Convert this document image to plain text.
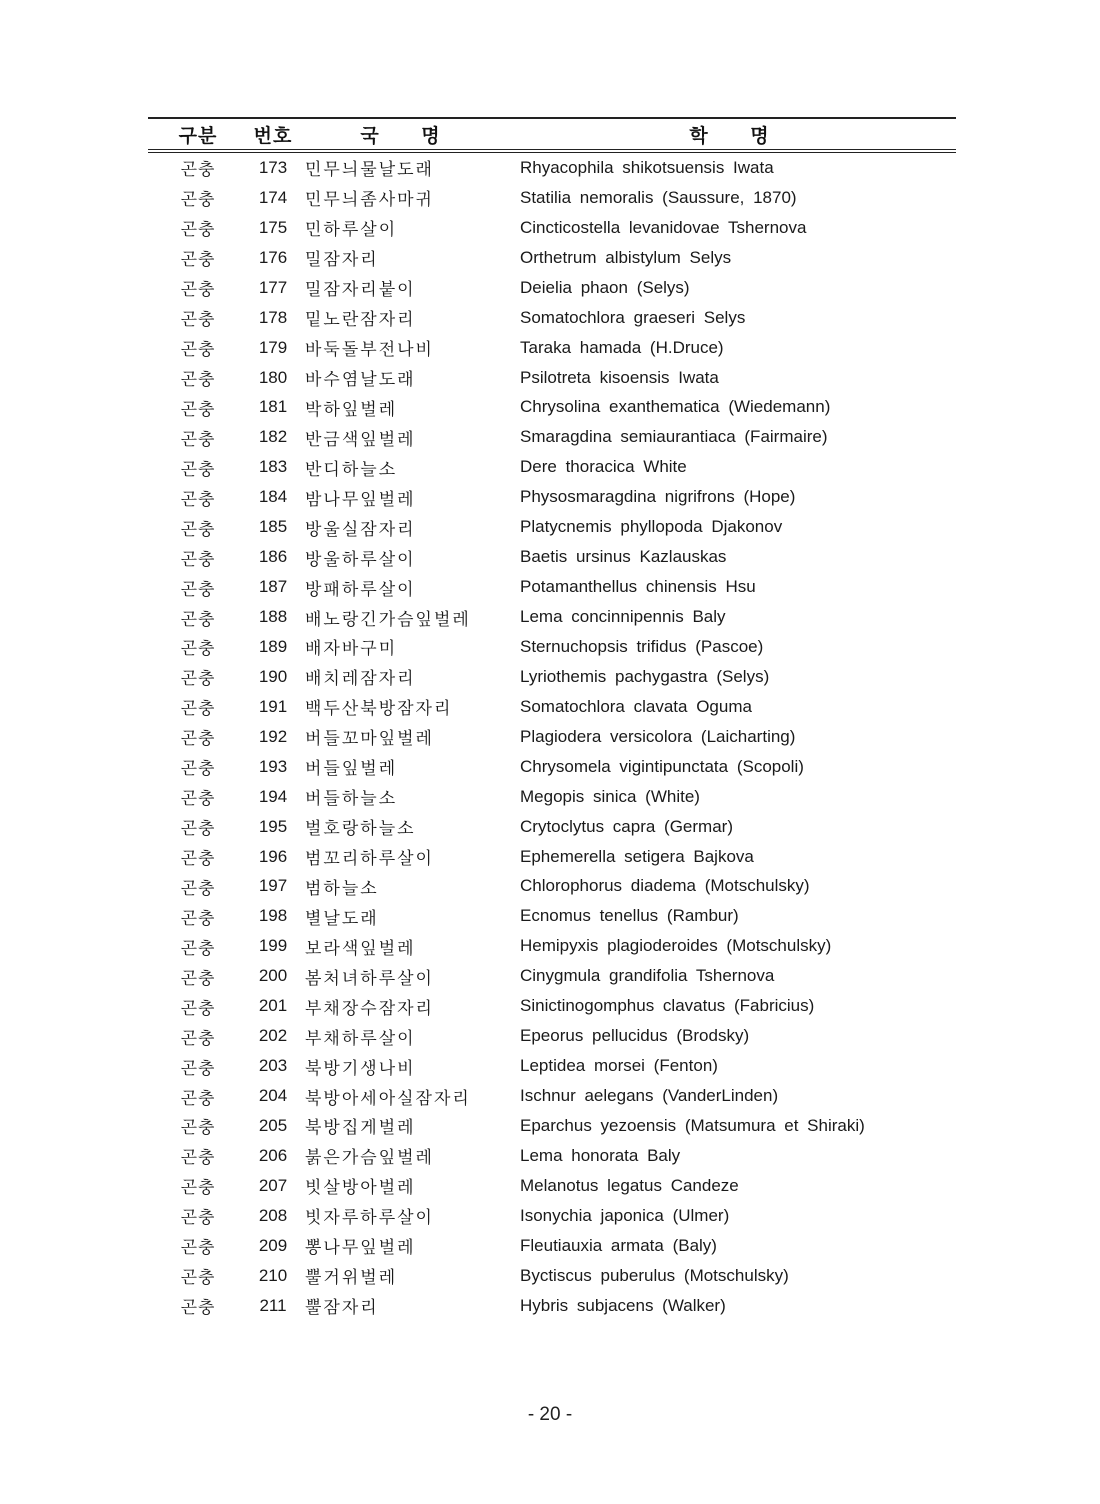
구분	번호	국 명	학 명
곤충	173	민무늬물날도래	Rhyacophila shikotsuensis Iwata
곤충	174	민무늬좀사마귀	Statilia nemoralis (Saussure, 1870)
곤충	175	민하루살이	Cincticostella levanidovae Tshernova
곤충	176	밀잠자리	Orthetrum albistylum Selys
곤충	177	밀잠자리붙이	Deielia phaon (Selys)
곤충	178	밑노란잠자리	Somatochlora graeseri Selys
곤충	179	바둑돌부전나비	Taraka hamada (H.Druce)
곤충	180	바수염날도래	Psilotreta kisoensis Iwata
곤충	181	박하잎벌레	Chrysolina exanthematica (Wiedemann)
곤충	182	반금색잎벌레	Smaragdina semiaurantiaca (Fairmaire)
곤충	183	반디하늘소	Dere thoracica White
곤충	184	밤나무잎벌레	Physosmaragdina nigrifrons (Hope)
곤충	185	방울실잠자리	Platycnemis phyllopoda Djakonov
곤충	186	방울하루살이	Baetis ursinus Kazlauskas
곤충	187	방패하루살이	Potamanthellus chinensis Hsu
곤충	188	배노랑긴가슴잎벌레	Lema concinnipennis Baly
곤충	189	배자바구미	Sternuchopsis trifidus (Pascoe)
곤충	190	배치레잠자리	Lyriothemis pachygastra (Selys)
곤충	191	백두산북방잠자리	Somatochlora clavata Oguma
곤충	192	버들꼬마잎벌레	Plagiodera versicolora (Laicharting)
곤충	193	버들잎벌레	Chrysomela vigintipunctata (Scopoli)
곤충	194	버들하늘소	Megopis sinica (White)
곤충	195	벌호랑하늘소	Crytoclytus capra (Germar)
곤충	196	범꼬리하루살이	Ephemerella setigera Bajkova
곤충	197	범하늘소	Chlorophorus diadema (Motschulsky)
곤충	198	별날도래	Ecnomus tenellus (Rambur)
곤충	199	보라색잎벌레	Hemipyxis plagioderoides (Motschulsky)
곤충	200	봄처녀하루살이	Cinygmula grandifolia Tshernova
곤충	201	부채장수잠자리	Sinictinogomphus clavatus (Fabricius)
곤충	202	부채하루살이	Epeorus pellucidus (Brodsky)
곤충	203	북방기생나비	Leptidea morsei (Fenton)
곤충	204	북방아세아실잠자리	Ischnur aelegans (VanderLinden)
곤충	205	북방집게벌레	Eparchus yezoensis (Matsumura et Shiraki)
곤충	206	붉은가슴잎벌레	Lema honorata Baly
곤충	207	빗살방아벌레	Melanotus legatus Candeze
곤충	208	빗자루하루살이	Isonychia japonica (Ulmer)
곤충	209	뽕나무잎벌레	Fleutiauxia armata (Baly)
곤충	210	뿔거위벌레	Byctiscus puberulus (Motschulsky)
곤충	211	뿔잠자리	Hybris subjacens (Walker)
- 20 -
